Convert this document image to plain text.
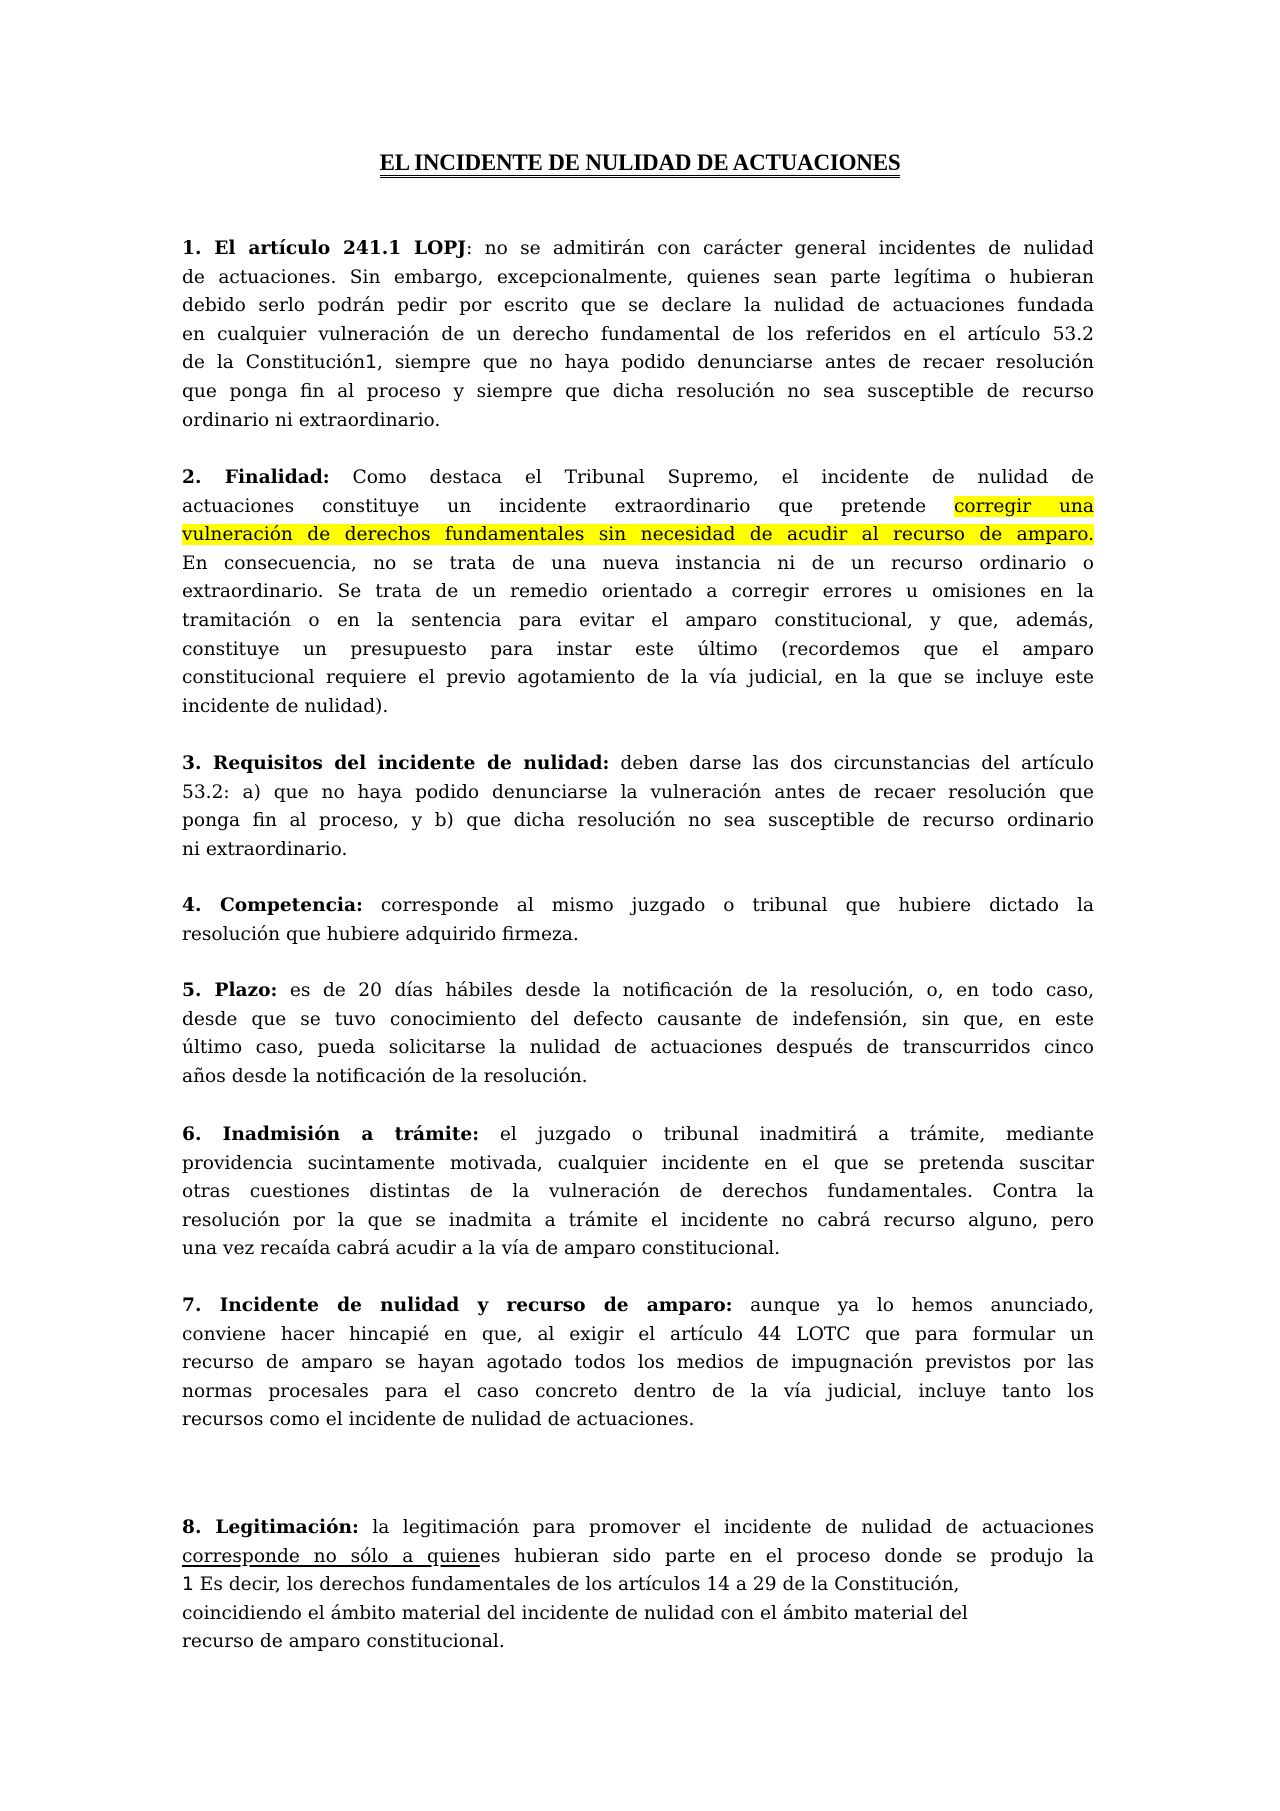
EL INCIDENTE DE NULIDAD DE ACTUACIONES
1. El artículo 241.1 LOPJ: no se admitirán con carácter general incidentes de nulidad
de actuaciones. Sin embargo, excepcionalmente, quienes sean parte legítima o hubieran
debido serlo podrán pedir por escrito que se declare la nulidad de actuaciones fundada
en cualquier vulneración de un derecho fundamental de los referidos en el artículo 53.2
de la Constitución1, siempre que no haya podido denunciarse antes de recaer resolución
que ponga fin al proceso y siempre que dicha resolución no sea susceptible de recurso
ordinario ni extraordinario.
2. Finalidad: Como destaca el Tribunal Supremo, el incidente de nulidad de
actuaciones constituye un incidente extraordinario que pretende corregir una
vulneración de derechos fundamentales sin necesidad de acudir al recurso de amparo.
En consecuencia, no se trata de una nueva instancia ni de un recurso ordinario o
extraordinario. Se trata de un remedio orientado a corregir errores u omisiones en la
tramitación o en la sentencia para evitar el amparo constitucional, y que, además,
constituye un presupuesto para instar este último (recordemos que el amparo
constitucional requiere el previo agotamiento de la vía judicial, en la que se incluye este
incidente de nulidad).
3. Requisitos del incidente de nulidad: deben darse las dos circunstancias del artículo
53.2: a) que no haya podido denunciarse la vulneración antes de recaer resolución que
ponga fin al proceso, y b) que dicha resolución no sea susceptible de recurso ordinario
ni extraordinario.
4. Competencia: corresponde al mismo juzgado o tribunal que hubiere dictado la
resolución que hubiere adquirido firmeza.
5. Plazo: es de 20 días hábiles desde la notificación de la resolución, o, en todo caso,
desde que se tuvo conocimiento del defecto causante de indefensión, sin que, en este
último caso, pueda solicitarse la nulidad de actuaciones después de transcurridos cinco
años desde la notificación de la resolución.
6. Inadmisión a trámite: el juzgado o tribunal inadmitirá a trámite, mediante
providencia sucintamente motivada, cualquier incidente en el que se pretenda suscitar
otras cuestiones distintas de la vulneración de derechos fundamentales. Contra la
resolución por la que se inadmita a trámite el incidente no cabrá recurso alguno, pero
una vez recaída cabrá acudir a la vía de amparo constitucional.
7. Incidente de nulidad y recurso de amparo: aunque ya lo hemos anunciado,
conviene hacer hincapié en que, al exigir el artículo 44 LOTC que para formular un
recurso de amparo se hayan agotado todos los medios de impugnación previstos por las
normas procesales para el caso concreto dentro de la vía judicial, incluye tanto los
recursos como el incidente de nulidad de actuaciones.
8. Legitimación: la legitimación para promover el incidente de nulidad de actuaciones
corresponde no sólo a quienes hubieran sido parte en el proceso donde se produjo la
1 Es decir, los derechos fundamentales de los artículos 14 a 29 de la Constitución,
coincidiendo el ámbito material del incidente de nulidad con el ámbito material del
recurso de amparo constitucional.
